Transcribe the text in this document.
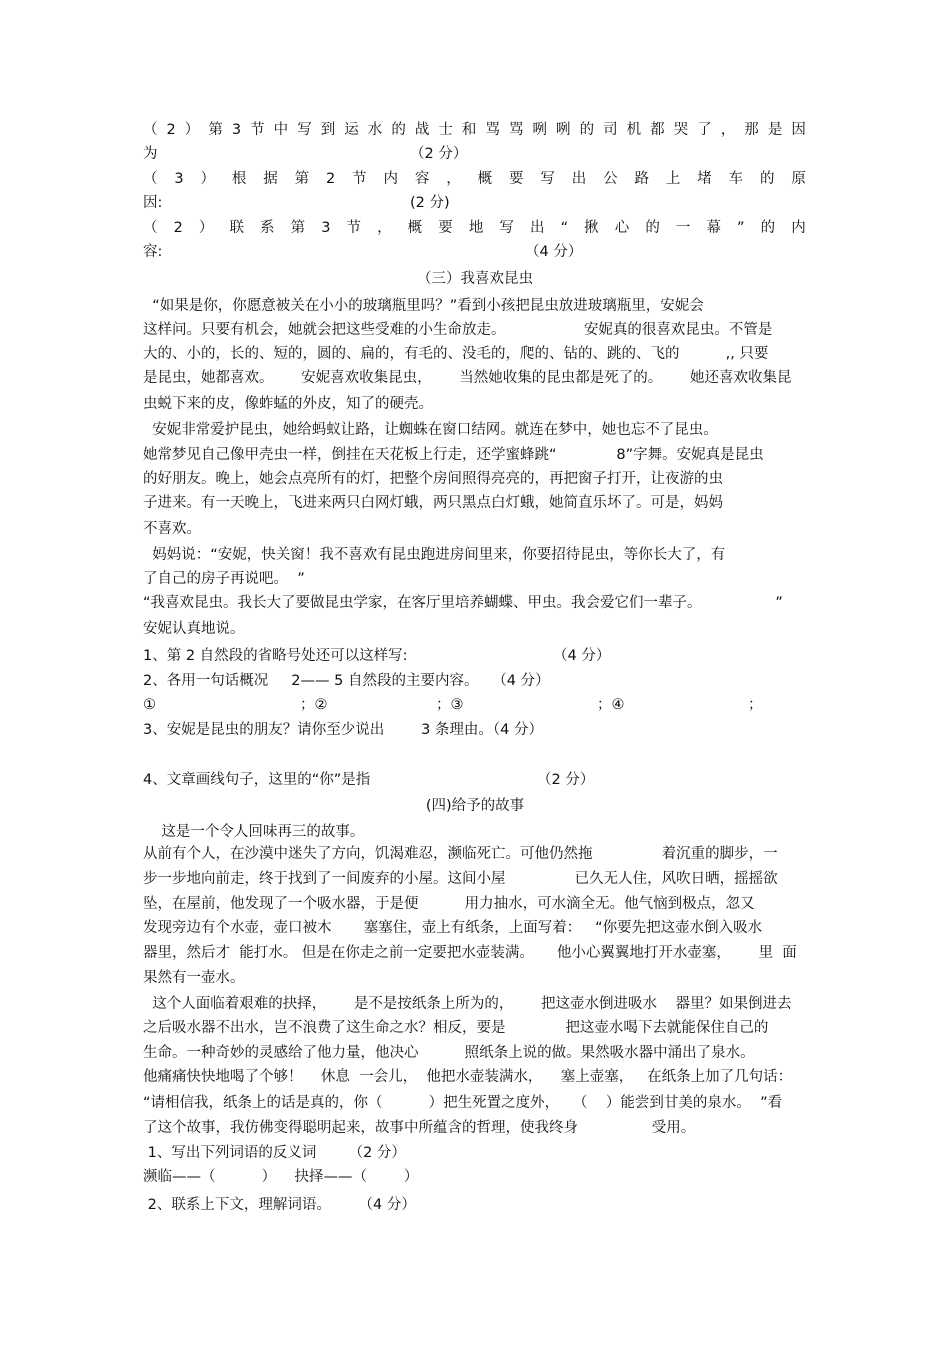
（ 2 ） 第 3 节 中 写 到 运 水 的 战 士 和 骂 骂 咧 咧 的 司 机 都 哭 了 ， 那 是 因
为	（2 分）
（ 3 ） 根 据 第 2 节 内 容 ， 概 要 写 出 公 路 上 堵 车 的 原
因:	(2 分)
（ 2 ） 联 系 第 3 节 ， 概 要 地 写 出 “ 揪 心 的 一 幕 ” 的 内
容:	（4 分）
（三）我喜欢昆虫
“如果是你，你愿意被关在小小的玻璃瓶里吗？”看到小孩把昆虫放进玻璃瓶里，安妮会
这样问。只要有机会，她就会把这些受难的小生命放走。                 安妮真的很喜欢昆虫。不管是
大的、小的，长的、短的，圆的、扁的，有毛的、没毛的，爬的、钻的、跳的、飞的          ,, 只要
是昆虫，她都喜欢。      安妮喜欢收集昆虫，      当然她收集的昆虫都是死了的。      她还喜欢收集昆
虫蜕下来的皮，像蚱蜢的外皮，知了的硬壳。
安妮非常爱护昆虫，她给蚂蚁让路，让蜘蛛在窗口结网。就连在梦中，她也忘不了昆虫。
她常梦见自己像甲壳虫一样，倒挂在天花板上行走，还学蜜蜂跳“             8”字舞。安妮真是昆虫
的好朋友。晚上，她会点亮所有的灯，把整个房间照得亮亮的，再把窗子打开，让夜游的虫
子进来。有一天晚上，飞进来两只白网灯蛾，两只黑点白灯蛾，她简直乐坏了。可是，妈妈
不喜欢。
妈妈说：“安妮，快关窗！我不喜欢有昆虫跑进房间里来，你要招待昆虫，等你长大了，有
了自己的房子再说吧。  ”
“我喜欢昆虫。我长大了要做昆虫学家，在客厅里培养蝴蝶、甲虫。我会爱它们一辈子。                ”
安妮认真地说。
1、第 2 自然段的省略号处还可以这样写:	（4 分）
2、各用一句话概况     2—— 5 自然段的主要内容。   （4 分）
①	；②	；③	；④	；
3、安妮是昆虫的朋友？请你至少说出        3 条理由。（4 分）
4、文章画线句子，这里的“你”是指	（2 分）
(四)给予的故事
这是一个令人回味再三的故事。
从前有个人，在沙漠中迷失了方向，饥渴难忍，濒临死亡。可他仍然拖               着沉重的脚步，一
步一步地向前走，终于找到了一间废弃的小屋。这间小屋               已久无人住，风吹日晒，摇摇欲
坠，在屋前，他发现了一个吸水器，于是便          用力抽水，可水滴全无。他气恼到极点，忽又
发现旁边有个水壶，壶口被木       塞塞住，壶上有纸条，上面写着：   “你要先把这壶水倒入吸水
器里，然后才  能打水。 但是在你走之前一定要把水壶装满。     他小心翼翼地打开水壶塞，      里  面
果然有一壶水。
这个人面临着艰难的抉择，      是不是按纸条上所为的，      把这壶水倒进吸水    器里？如果倒进去
之后吸水器不出水，岂不浪费了这生命之水？相反，要是             把这壶水喝下去就能保住自己的
生命。一种奇妙的灵感给了他力量，他决心          照纸条上说的做。果然吸水器中涌出了泉水。
他痛痛快快地喝了个够！    休息  一会儿，  他把水壶装满水，    塞上壶塞，   在纸条上加了几句话：
“请相信我，纸条上的话是真的，你（          ）把生死置之度外，   （    ）能尝到甘美的泉水。  ”看
了这个故事，我仿佛变得聪明起来，故事中所蕴含的哲理，使我终身                受用。
1、写出下列词语的反义词       （2 分）
濒临——（          ）    抉择——（        ）
2、联系上下文，理解词语。      （4 分）
